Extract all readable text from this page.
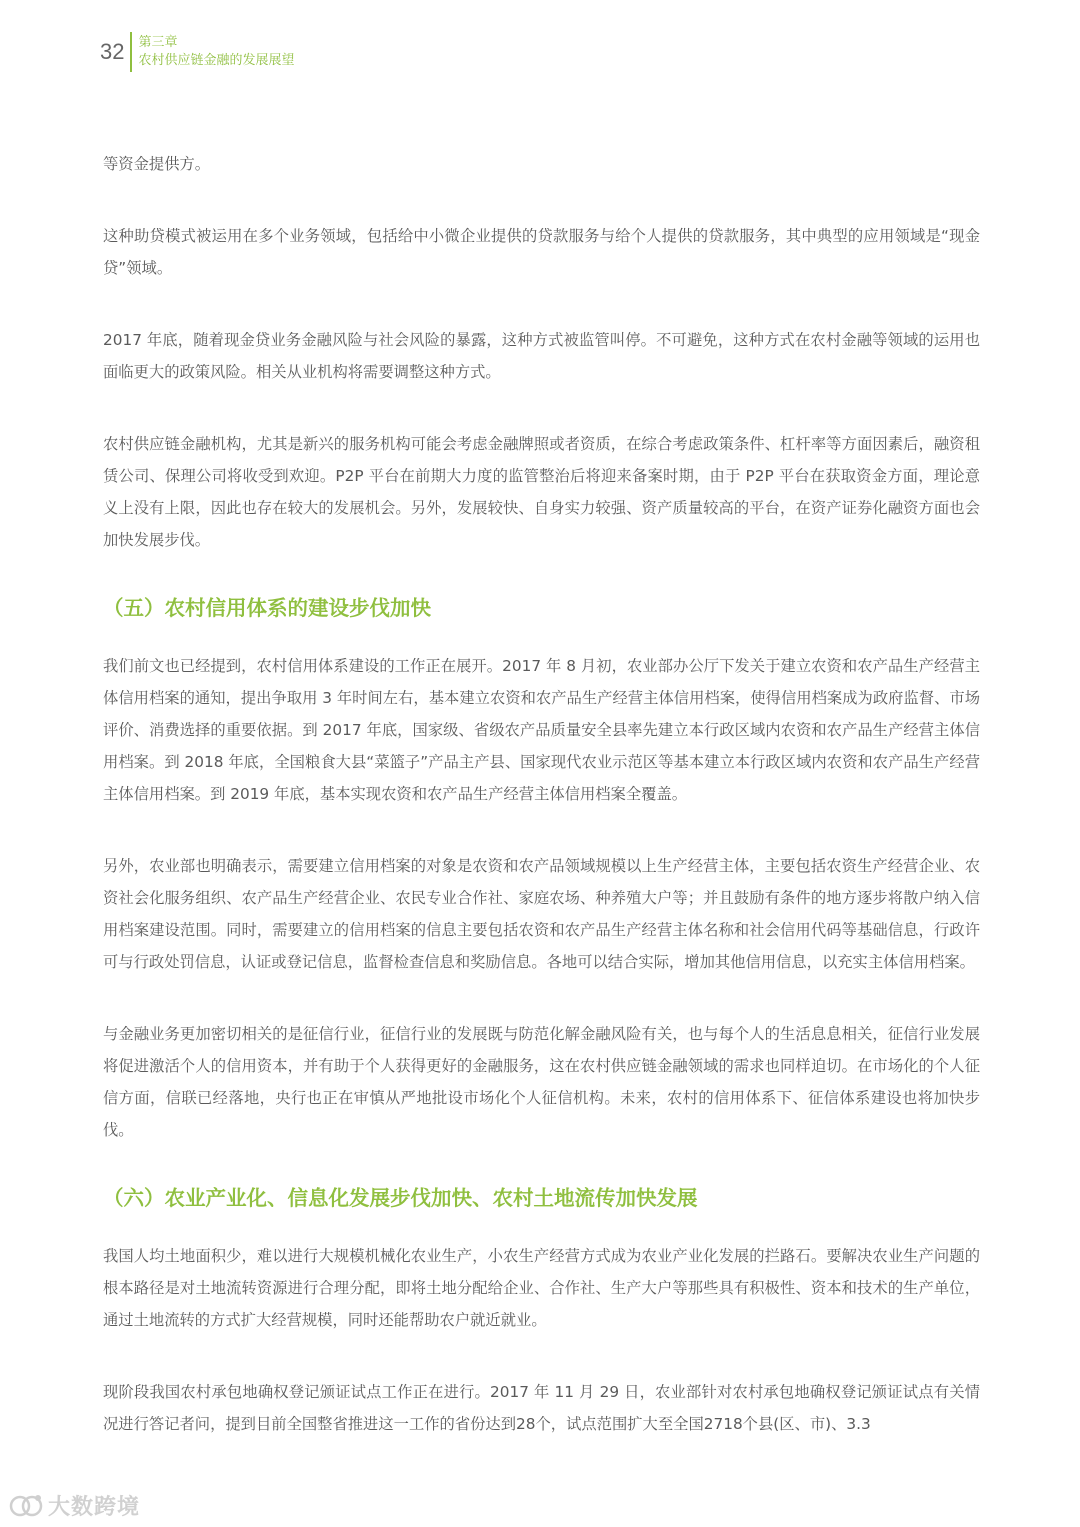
32	第三章
农村供应链金融的发展展望

等资金提供方。

这种助贷模式被运用在多个业务领域，包括给中小微企业提供的贷款服务与给个人提供的贷款服务，其中典型的应用领域是“现金贷”领域。

2017 年底，随着现金贷业务金融风险与社会风险的暴露，这种方式被监管叫停。不可避免，这种方式在农村金融等领域的运用也面临更大的政策风险。相关从业机构将需要调整这种方式。

农村供应链金融机构，尤其是新兴的服务机构可能会考虑金融牌照或者资质，在综合考虑政策条件、杠杆率等方面因素后，融资租赁公司、保理公司将收受到欢迎。P2P 平台在前期大力度的监管整治后将迎来备案时期，由于 P2P 平台在获取资金方面，理论意义上没有上限，因此也存在较大的发展机会。另外，发展较快、自身实力较强、资产质量较高的平台，在资产证券化融资方面也会加快发展步伐。

（五）农村信用体系的建设步伐加快

我们前文也已经提到，农村信用体系建设的工作正在展开。2017 年 8 月初，农业部办公厅下发关于建立农资和农产品生产经营主体信用档案的通知，提出争取用 3 年时间左右，基本建立农资和农产品生产经营主体信用档案，使得信用档案成为政府监督、市场评价、消费选择的重要依据。到 2017 年底，国家级、省级农产品质量安全县率先建立本行政区域内农资和农产品生产经营主体信用档案。到 2018 年底，全国粮食大县“菜篮子”产品主产县、国家现代农业示范区等基本建立本行政区域内农资和农产品生产经营主体信用档案。到 2019 年底，基本实现农资和农产品生产经营主体信用档案全覆盖。

另外，农业部也明确表示，需要建立信用档案的对象是农资和农产品领域规模以上生产经营主体，主要包括农资生产经营企业、农资社会化服务组织、农产品生产经营企业、农民专业合作社、家庭农场、种养殖大户等；并且鼓励有条件的地方逐步将散户纳入信用档案建设范围。同时，需要建立的信用档案的信息主要包括农资和农产品生产经营主体名称和社会信用代码等基础信息，行政许可与行政处罚信息，认证或登记信息，监督检查信息和奖励信息。各地可以结合实际，增加其他信用信息，以充实主体信用档案。

与金融业务更加密切相关的是征信行业，征信行业的发展既与防范化解金融风险有关，也与每个人的生活息息相关，征信行业发展将促进激活个人的信用资本，并有助于个人获得更好的金融服务，这在农村供应链金融领域的需求也同样迫切。在市场化的个人征信方面，信联已经落地，央行也正在审慎从严地批设市场化个人征信机构。未来，农村的信用体系下、征信体系建设也将加快步伐。

（六）农业产业化、信息化发展步伐加快、农村土地流传加快发展

我国人均土地面积少，难以进行大规模机械化农业生产，小农生产经营方式成为农业产业化发展的拦路石。要解决农业生产问题的根本路径是对土地流转资源进行合理分配，即将土地分配给企业、合作社、生产大户等那些具有积极性、资本和技术的生产单位，通过土地流转的方式扩大经营规模，同时还能帮助农户就近就业。

现阶段我国农村承包地确权登记颁证试点工作正在进行。2017 年 11 月 29 日，农业部针对农村承包地确权登记颁证试点有关情况进行答记者问，提到目前全国整省推进这一工作的省份达到28个，试点范围扩大至全国2718个县(区、市)、3.3

大数跨境
